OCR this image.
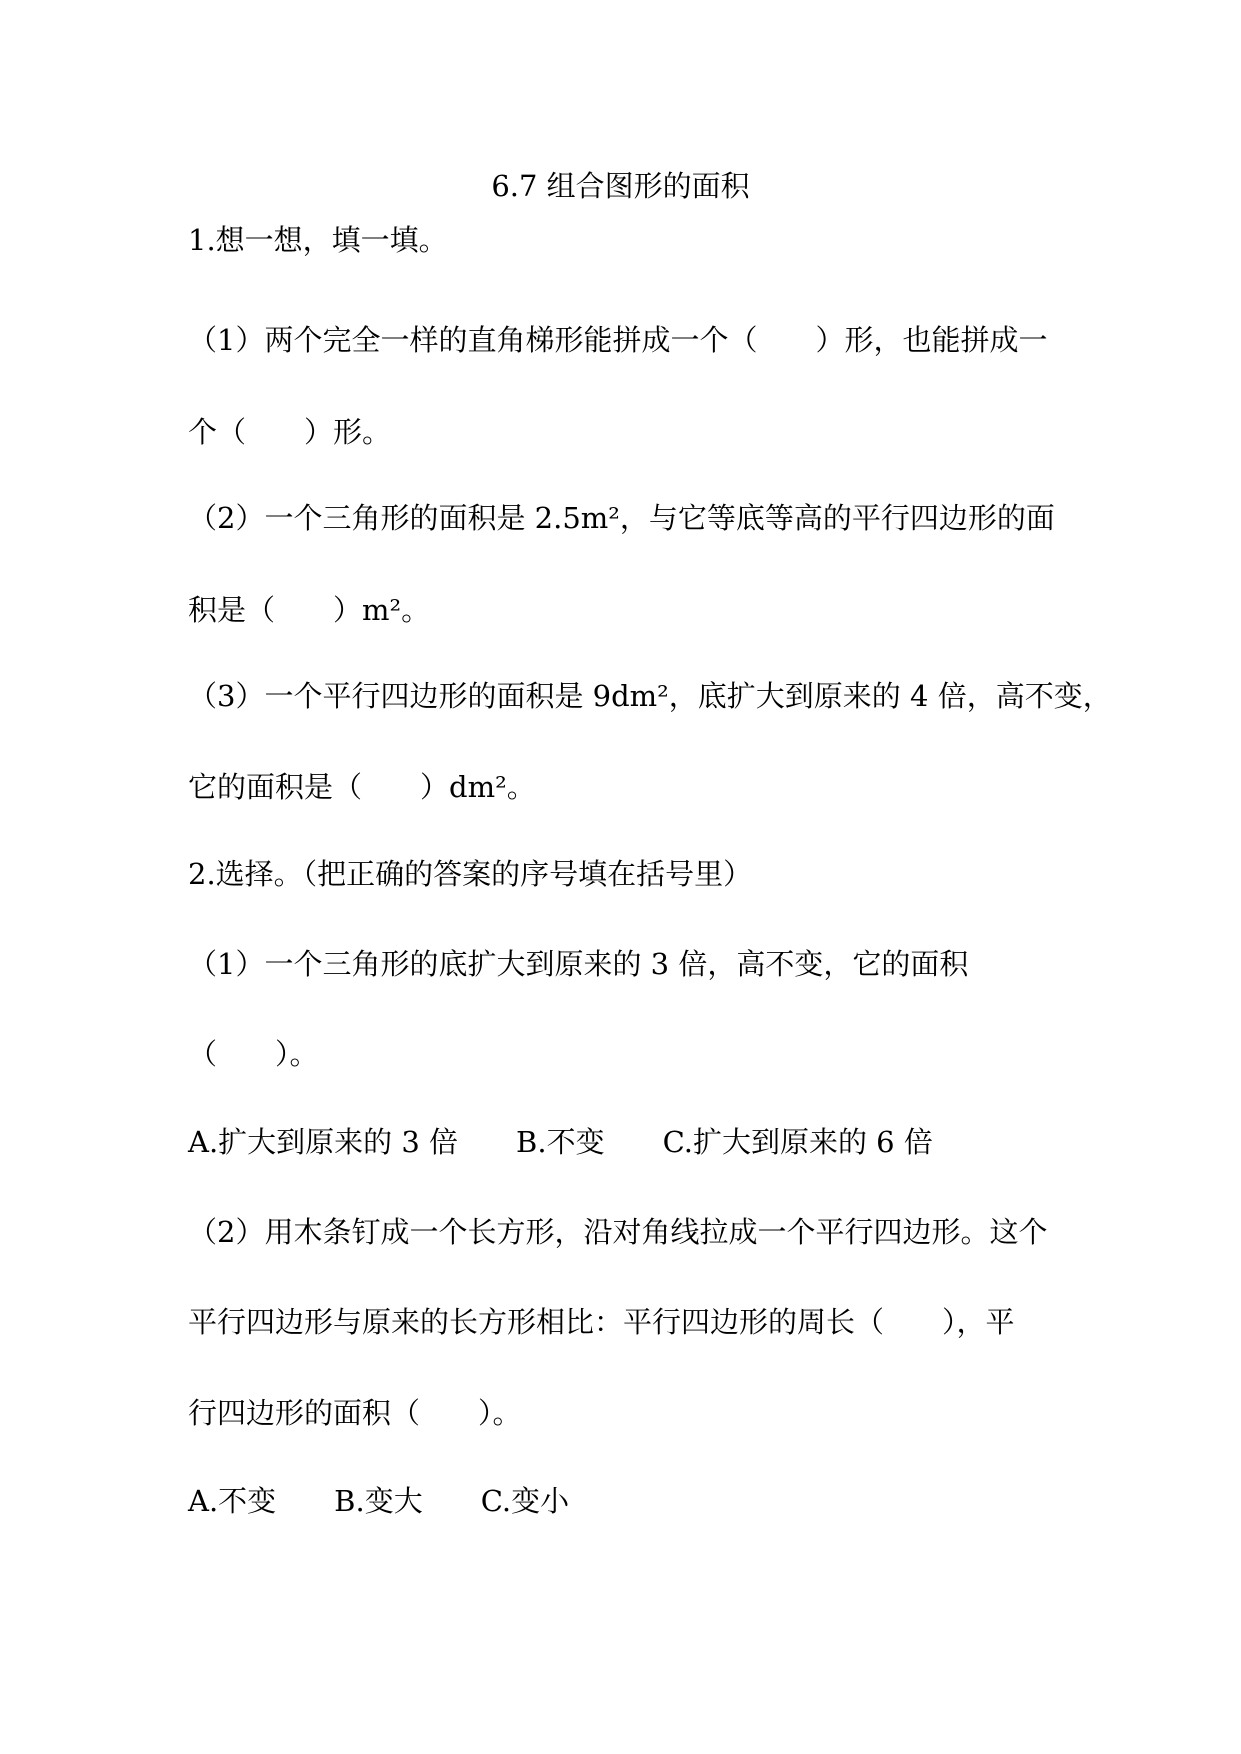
6.7 组合图形的面积
1.想一想，填一填。
（1）两个完全一样的直角梯形能拼成一个（　　）形，也能拼成一
个（　　）形。
（2）一个三角形的面积是 2.5m²，与它等底等高的平行四边形的面
积是（　　）m²。
（3）一个平行四边形的面积是 9dm²，底扩大到原来的 4 倍，高不变，
它的面积是（　　）dm²。
2.选择。（把正确的答案的序号填在括号里）
（1）一个三角形的底扩大到原来的 3 倍，高不变，它的面积
（　　）。
A.扩大到原来的 3 倍　　B.不变　　C.扩大到原来的 6 倍
（2）用木条钉成一个长方形，沿对角线拉成一个平行四边形。这个
平行四边形与原来的长方形相比：平行四边形的周长（　　），平
行四边形的面积（　　）。
A.不变　　B.变大　　C.变小
